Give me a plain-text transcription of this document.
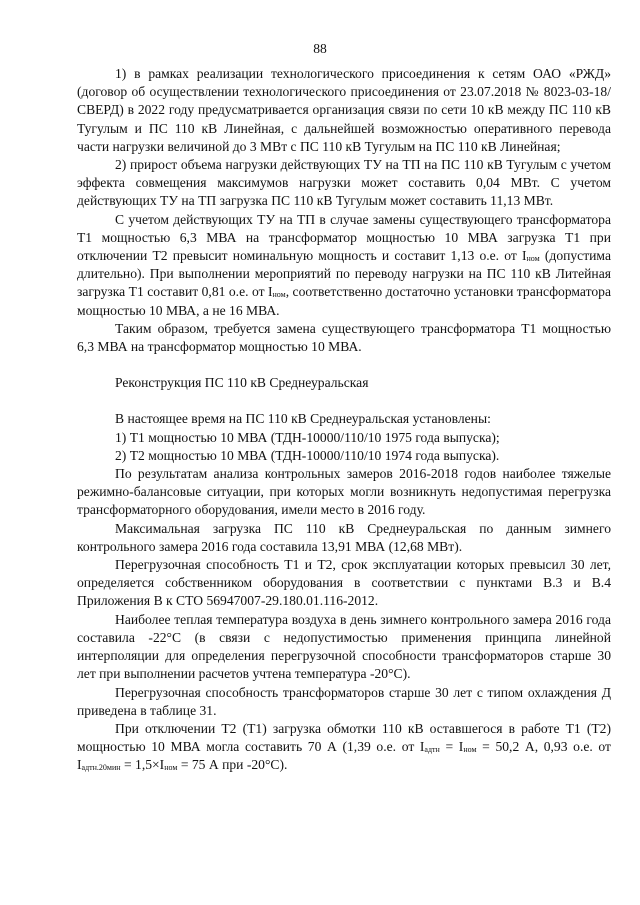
88

1) в рамках реализации технологического присоединения к сетям ОАО «РЖД» (договор об осуществлении технологического присоединения от 23.07.2018 № 8023-03-18/СВЕРД) в 2022 году предусматривается организация связи по сети 10 кВ между ПС 110 кВ Тугулым и ПС 110 кВ Линейная, с дальнейшей возможностью оперативного перевода части нагрузки величиной до 3 МВт с ПС 110 кВ Тугулым на ПС 110 кВ Линейная;

2) прирост объема нагрузки действующих ТУ на ТП на ПС 110 кВ Тугулым с учетом эффекта совмещения максимумов нагрузки может составить 0,04 МВт. С учетом действующих ТУ на ТП загрузка ПС 110 кВ Тугулым может составить 11,13 МВт.

С учетом действующих ТУ на ТП в случае замены существующего трансформатора Т1 мощностью 6,3 МВА на трансформатор мощностью 10 МВА загрузка Т1 при отключении Т2 превысит номинальную мощность и составит 1,13 о.е. от $I_{ном}$ (допустима длительно). При выполнении мероприятий по переводу нагрузки на ПС 110 кВ Литейная загрузка Т1 составит 0,81 о.е. от $I_{ном}$, соответственно достаточно установки трансформатора мощностью 10 МВА, а не 16 МВА.

Таким образом, требуется замена существующего трансформатора Т1 мощностью 6,3 МВА на трансформатор мощностью 10 МВА.

Реконструкция ПС 110 кВ Среднеуральская

В настоящее время на ПС 110 кВ Среднеуральская установлены:

1) Т1 мощностью 10 МВА (ТДН-10000/110/10 1975 года выпуска);

2) Т2 мощностью 10 МВА (ТДН-10000/110/10 1974 года выпуска).

По результатам анализа контрольных замеров 2016-2018 годов наиболее тяжелые режимно-балансовые ситуации, при которых могли возникнуть недопустимая перегрузка трансформаторного оборудования, имели место в 2016 году.

Максимальная загрузка ПС 110 кВ Среднеуральская по данным зимнего контрольного замера 2016 года составила 13,91 МВА (12,68 МВт).

Перегрузочная способность Т1 и Т2, срок эксплуатации которых превысил 30 лет, определяется собственником оборудования в соответствии с пунктами В.3 и В.4 Приложения В к СТО 56947007-29.180.01.116-2012.

Наиболее теплая температура воздуха в день зимнего контрольного замера 2016 года составила -22°С (в связи с недопустимостью применения принципа линейной интерполяции для определения перегрузочной способности трансформаторов старше 30 лет при выполнении расчетов учтена температура -20°С).

Перегрузочная способность трансформаторов старше 30 лет с типом охлаждения Д приведена в таблице 31.

При отключении Т2 (Т1) загрузка обмотки 110 кВ оставшегося в работе Т1 (Т2) мощностью 10 МВА могла составить 70 А (1,39 о.е. от $I_{адтн} = I_{ном} = 50,2$ А, 0,93 о.е. от $I_{адтн.20мин} = 1,5\times I_{ном} = 75$ А при -20°С).
